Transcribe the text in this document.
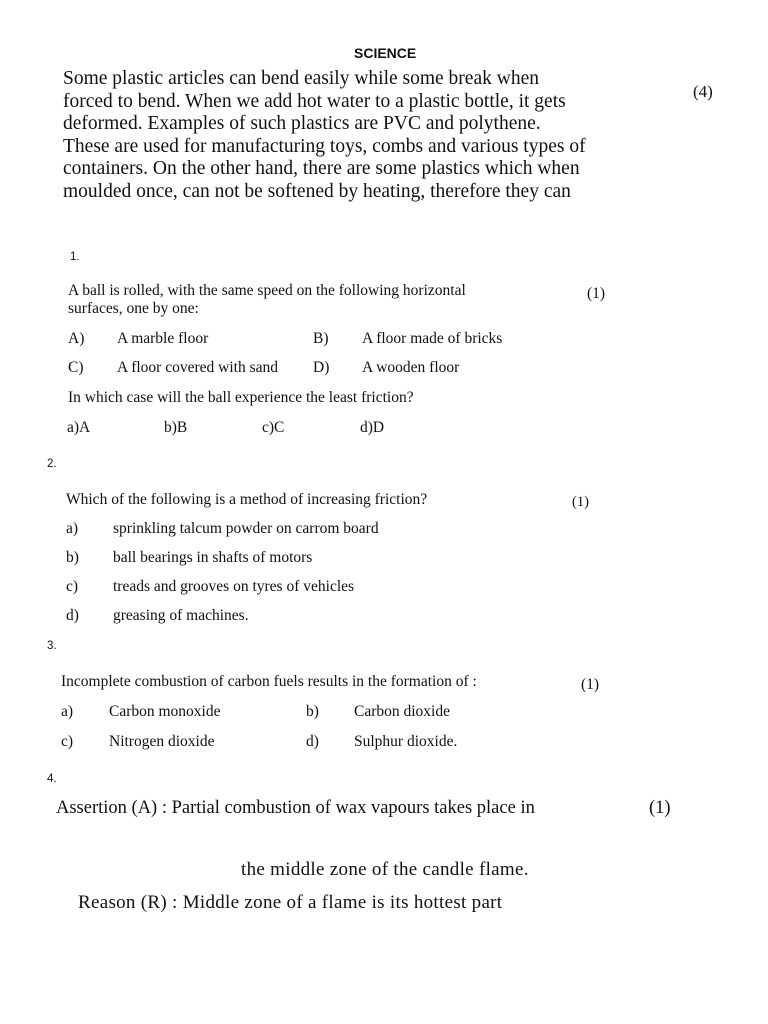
SCIENCE
Some plastic articles can bend easily while some break when
forced to bend. When we add hot water to a plastic bottle, it gets
deformed. Examples of such plastics are PVC and polythene.
These are used for manufacturing toys, combs and various types of
containers. On the other hand, there are some plastics which when
moulded once, can not be softened by heating, therefore they can
(4)
1.
A ball is rolled, with the same speed on the following horizontal
surfaces, one by one:
(1)
A) A marble floor	B) A floor made of bricks
C) A floor covered with sand D) A wooden floor
In which case will the ball experience the least friction?
a)A	b)B	c)C	d)D
2.
Which of the following is a method of increasing friction?	(1)
a) sprinkling talcum powder on carrom board
b) ball bearings in shafts of motors
c) treads and grooves on tyres of vehicles
d) greasing of machines.
3.
Incomplete combustion of carbon fuels results in the formation of :	(1)
a) Carbon monoxide	b) Carbon dioxide
c) Nitrogen dioxide	d) Sulphur dioxide.
4.
Assertion (A) : Partial combustion of wax vapours takes place in	(1)
the middle zone of the candle flame.
Reason (R) : Middle zone of a flame is its hottest part
